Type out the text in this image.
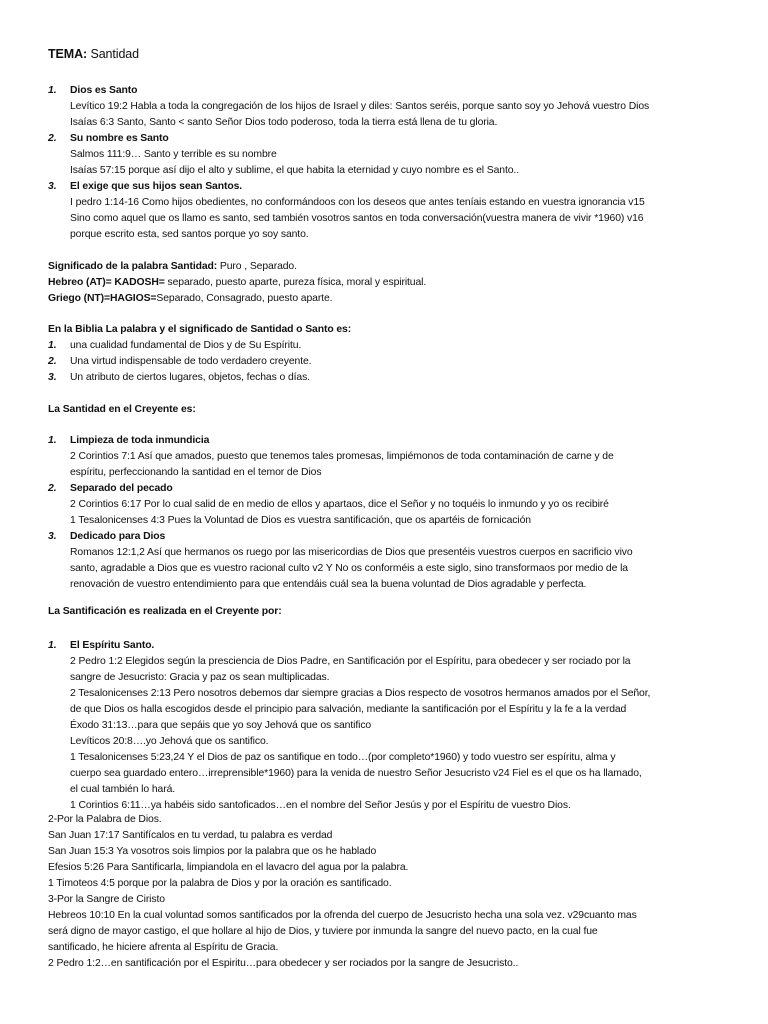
TEMA: Santidad
1. Dios es Santo
Levítico 19:2 Habla a toda la congregación de los hijos de Israel y diles: Santos seréis, porque santo soy yo Jehová vuestro Dios
Isaías 6:3 Santo, Santo < santo Señor Dios todo poderoso, toda la tierra está llena de tu gloria.
2. Su nombre es Santo
Salmos 111:9… Santo y terrible es su nombre
Isaías 57:15 porque así dijo el alto y sublime, el que habita la eternidad y cuyo nombre es el Santo..
3. El exige que sus hijos sean Santos.
I pedro 1:14-16 Como hijos obedientes, no conformándoos con los deseos que antes teníais estando en vuestra ignorancia v15
Sino como aquel que os llamo es santo, sed también vosotros santos en toda conversación(vuestra manera de vivir *1960) v16
porque escrito esta, sed santos porque yo soy santo.
Significado de la palabra Santidad: Puro , Separado.
Hebreo (AT)= KADOSH= separado, puesto aparte, pureza física, moral y espiritual.
Griego (NT)=HAGIOS=Separado, Consagrado, puesto aparte.
En la Biblia La palabra y el significado de Santidad o Santo es:
1. una cualidad fundamental de Dios y de Su Espíritu.
2. Una virtud indispensable de todo verdadero creyente.
3. Un atributo de ciertos lugares, objetos, fechas o días.
La Santidad en el Creyente es:
1. Limpieza de toda inmundicia
2 Corintios 7:1 Así que amados, puesto que tenemos tales promesas, limpiémonos de toda contaminación de carne y de
espíritu, perfeccionando la santidad en el temor de Dios
2. Separado del pecado
2 Corintios 6:17 Por lo cual salid de en medio de ellos y apartaos, dice el Señor y no toquéis lo inmundo y yo os recibiré
1 Tesalonicenses 4:3 Pues la Voluntad de Dios es vuestra santificación, que os apartéis de fornicación
3. Dedicado para Dios
Romanos 12:1,2 Así que hermanos os ruego por las misericordias de Dios que presentéis vuestros cuerpos en sacrificio vivo
santo, agradable a Dios que es vuestro racional culto v2 Y No os conforméis a este siglo, sino transformaos por medio de la
renovación de vuestro entendimiento para que entendáis cuál sea la buena voluntad de Dios agradable y perfecta.
La Santificación es realizada en el Creyente por:
1. El Espíritu Santo.
2 Pedro 1:2 Elegidos según la presciencia de Dios Padre, en Santificación por el Espíritu, para obedecer y ser rociado por la
sangre de Jesucristo: Gracia y paz os sean multiplicadas.
2 Tesalonicenses 2:13 Pero nosotros debemos dar siempre gracias a Dios respecto de vosotros hermanos amados por el Señor,
de que Dios os halla escogidos desde el principio para salvación, mediante la santificación por el Espíritu y la fe a la verdad
Éxodo 31:13…para que sepáis que yo soy Jehová que os santifico
Levíticos 20:8….yo Jehová que os santifico.
1 Tesalonicenses 5:23,24 Y el Dios de paz os santifique en todo…(por completo*1960) y todo vuestro ser espíritu, alma y
cuerpo sea guardado entero…irreprensible*1960) para la venida de nuestro Señor Jesucristo v24 Fiel es el que os ha llamado,
el cual también lo hará.
1 Corintios 6:11…ya habéis sido santoficados…en el nombre del Señor Jesús y por el Espíritu de vuestro Dios.
2-Por la Palabra de Dios.
San Juan 17:17 Santifícalos en tu verdad, tu palabra es verdad
San Juan 15:3 Ya vosotros sois limpios por la palabra que os he hablado
Efesios 5:26 Para Santificarla, limpiandola en el lavacro del agua por la palabra.
1 Timoteos 4:5 porque por la palabra de Dios y por la oración es santificado.
3-Por la Sangre de Ciristo
Hebreos 10:10 En la cual voluntad somos santificados por la ofrenda del cuerpo de Jesucristo hecha una sola vez. v29cuanto mas
será digno de mayor castigo, el que hollare al hijo de Dios, y tuviere por inmunda la sangre del nuevo pacto, en la cual fue
santificado, he hiciere afrenta al Espíritu de Gracia.
2 Pedro 1:2…en santificación por el Espiritu…para obedecer y ser rociados por la sangre de Jesucristo..
